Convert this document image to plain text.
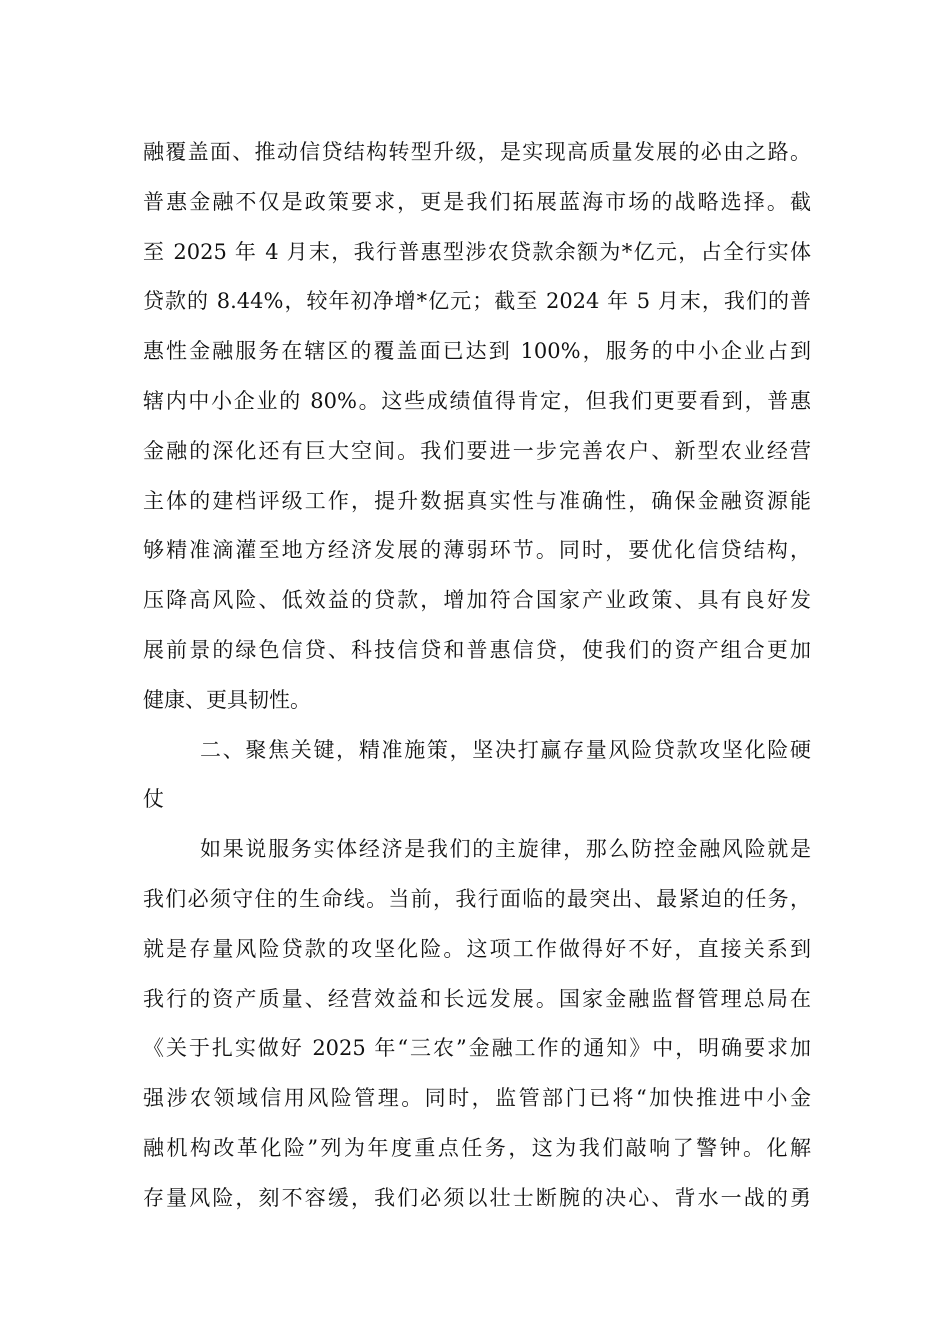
融覆盖面、推动信贷结构转型升级，是实现高质量发展的必由之路。
普惠金融不仅是政策要求，更是我们拓展蓝海市场的战略选择。截
至 2025 年 4 月末，我行普惠型涉农贷款余额为*亿元，占全行实体
贷款的 8.44%，较年初净增*亿元；截至 2024 年 5 月末，我们的普
惠性金融服务在辖区的覆盖面已达到 100%，服务的中小企业占到
辖内中小企业的 80%。这些成绩值得肯定，但我们更要看到，普惠
金融的深化还有巨大空间。我们要进一步完善农户、新型农业经营
主体的建档评级工作，提升数据真实性与准确性，确保金融资源能
够精准滴灌至地方经济发展的薄弱环节。同时，要优化信贷结构，
压降高风险、低效益的贷款，增加符合国家产业政策、具有良好发
展前景的绿色信贷、科技信贷和普惠信贷，使我们的资产组合更加
健康、更具韧性。
二、聚焦关键，精准施策，坚决打赢存量风险贷款攻坚化险硬
仗
如果说服务实体经济是我们的主旋律，那么防控金融风险就是
我们必须守住的生命线。当前，我行面临的最突出、最紧迫的任务，
就是存量风险贷款的攻坚化险。这项工作做得好不好，直接关系到
我行的资产质量、经营效益和长远发展。国家金融监督管理总局在
《关于扎实做好 2025 年“三农”金融工作的通知》中，明确要求加
强涉农领域信用风险管理。同时，监管部门已将“加快推进中小金
融机构改革化险”列为年度重点任务，这为我们敲响了警钟。化解
存量风险，刻不容缓，我们必须以壮士断腕的决心、背水一战的勇
